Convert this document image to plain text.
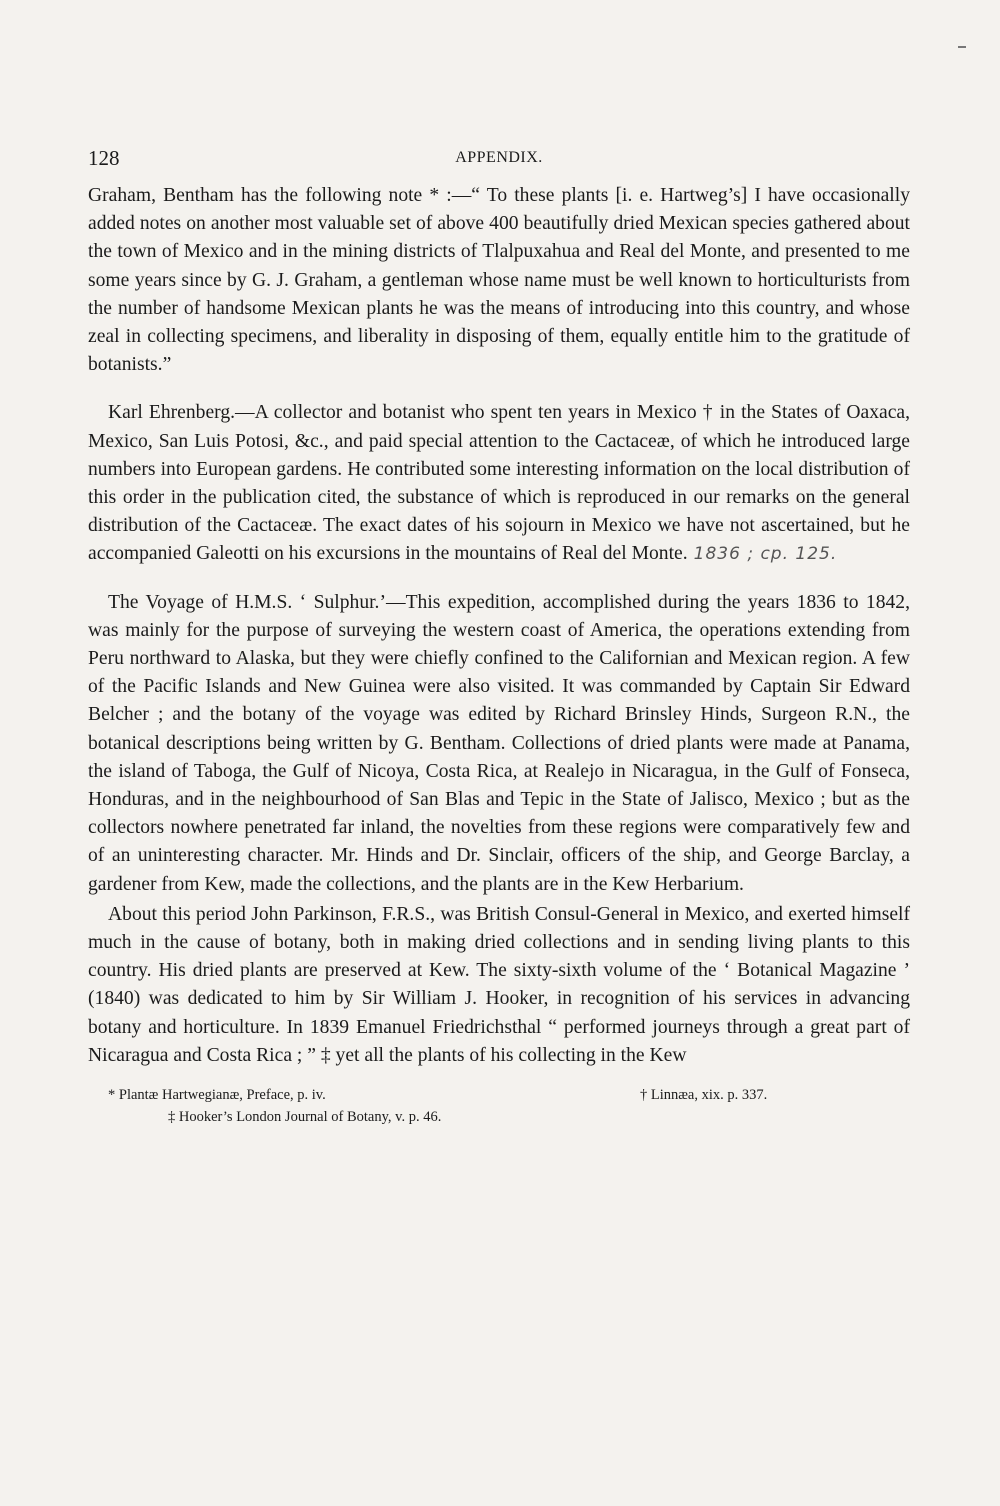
128	APPENDIX.

Graham, Bentham has the following note * :—“ To these plants [i. e. Hartweg’s] I have occasionally added notes on another most valuable set of above 400 beautifully dried Mexican species gathered about the town of Mexico and in the mining districts of Tlalpuxahua and Real del Monte, and presented to me some years since by G. J. Graham, a gentleman whose name must be well known to horticulturists from the number of handsome Mexican plants he was the means of introducing into this country, and whose zeal in collecting specimens, and liberality in disposing of them, equally entitle him to the gratitude of botanists.”

Karl Ehrenberg.—A collector and botanist who spent ten years in Mexico † in the States of Oaxaca, Mexico, San Luis Potosi, &c., and paid special attention to the Cactaceæ, of which he introduced large numbers into European gardens. He contributed some interesting information on the local distribution of this order in the publication cited, the substance of which is reproduced in our remarks on the general distribution of the Cactaceæ. The exact dates of his sojourn in Mexico we have not ascertained, but he accompanied Galeotti on his excursions in the mountains of Real del Monte. 1836 ; cp. 125.

The Voyage of H.M.S. ‘ Sulphur.’—This expedition, accomplished during the years 1836 to 1842, was mainly for the purpose of surveying the western coast of America, the operations extending from Peru northward to Alaska, but they were chiefly confined to the Californian and Mexican region. A few of the Pacific Islands and New Guinea were also visited. It was commanded by Captain Sir Edward Belcher ; and the botany of the voyage was edited by Richard Brinsley Hinds, Surgeon R.N., the botanical descriptions being written by G. Bentham. Collections of dried plants were made at Panama, the island of Taboga, the Gulf of Nicoya, Costa Rica, at Realejo in Nicaragua, in the Gulf of Fonseca, Honduras, and in the neighbourhood of San Blas and Tepic in the State of Jalisco, Mexico ; but as the collectors nowhere penetrated far inland, the novelties from these regions were comparatively few and of an uninteresting character. Mr. Hinds and Dr. Sinclair, officers of the ship, and George Barclay, a gardener from Kew, made the collections, and the plants are in the Kew Herbarium.

About this period John Parkinson, F.R.S., was British Consul-General in Mexico, and exerted himself much in the cause of botany, both in making dried collections and in sending living plants to this country. His dried plants are preserved at Kew. The sixty-sixth volume of the ‘ Botanical Magazine ’ (1840) was dedicated to him by Sir William J. Hooker, in recognition of his services in advancing botany and horticulture. In 1839 Emanuel Friedrichsthal “ performed journeys through a great part of Nicaragua and Costa Rica ; ” ‡ yet all the plants of his collecting in the Kew

* Plantæ Hartwegianæ, Preface, p. iv.	† Linnæa, xix. p. 337.
‡ Hooker’s London Journal of Botany, v. p. 46.
